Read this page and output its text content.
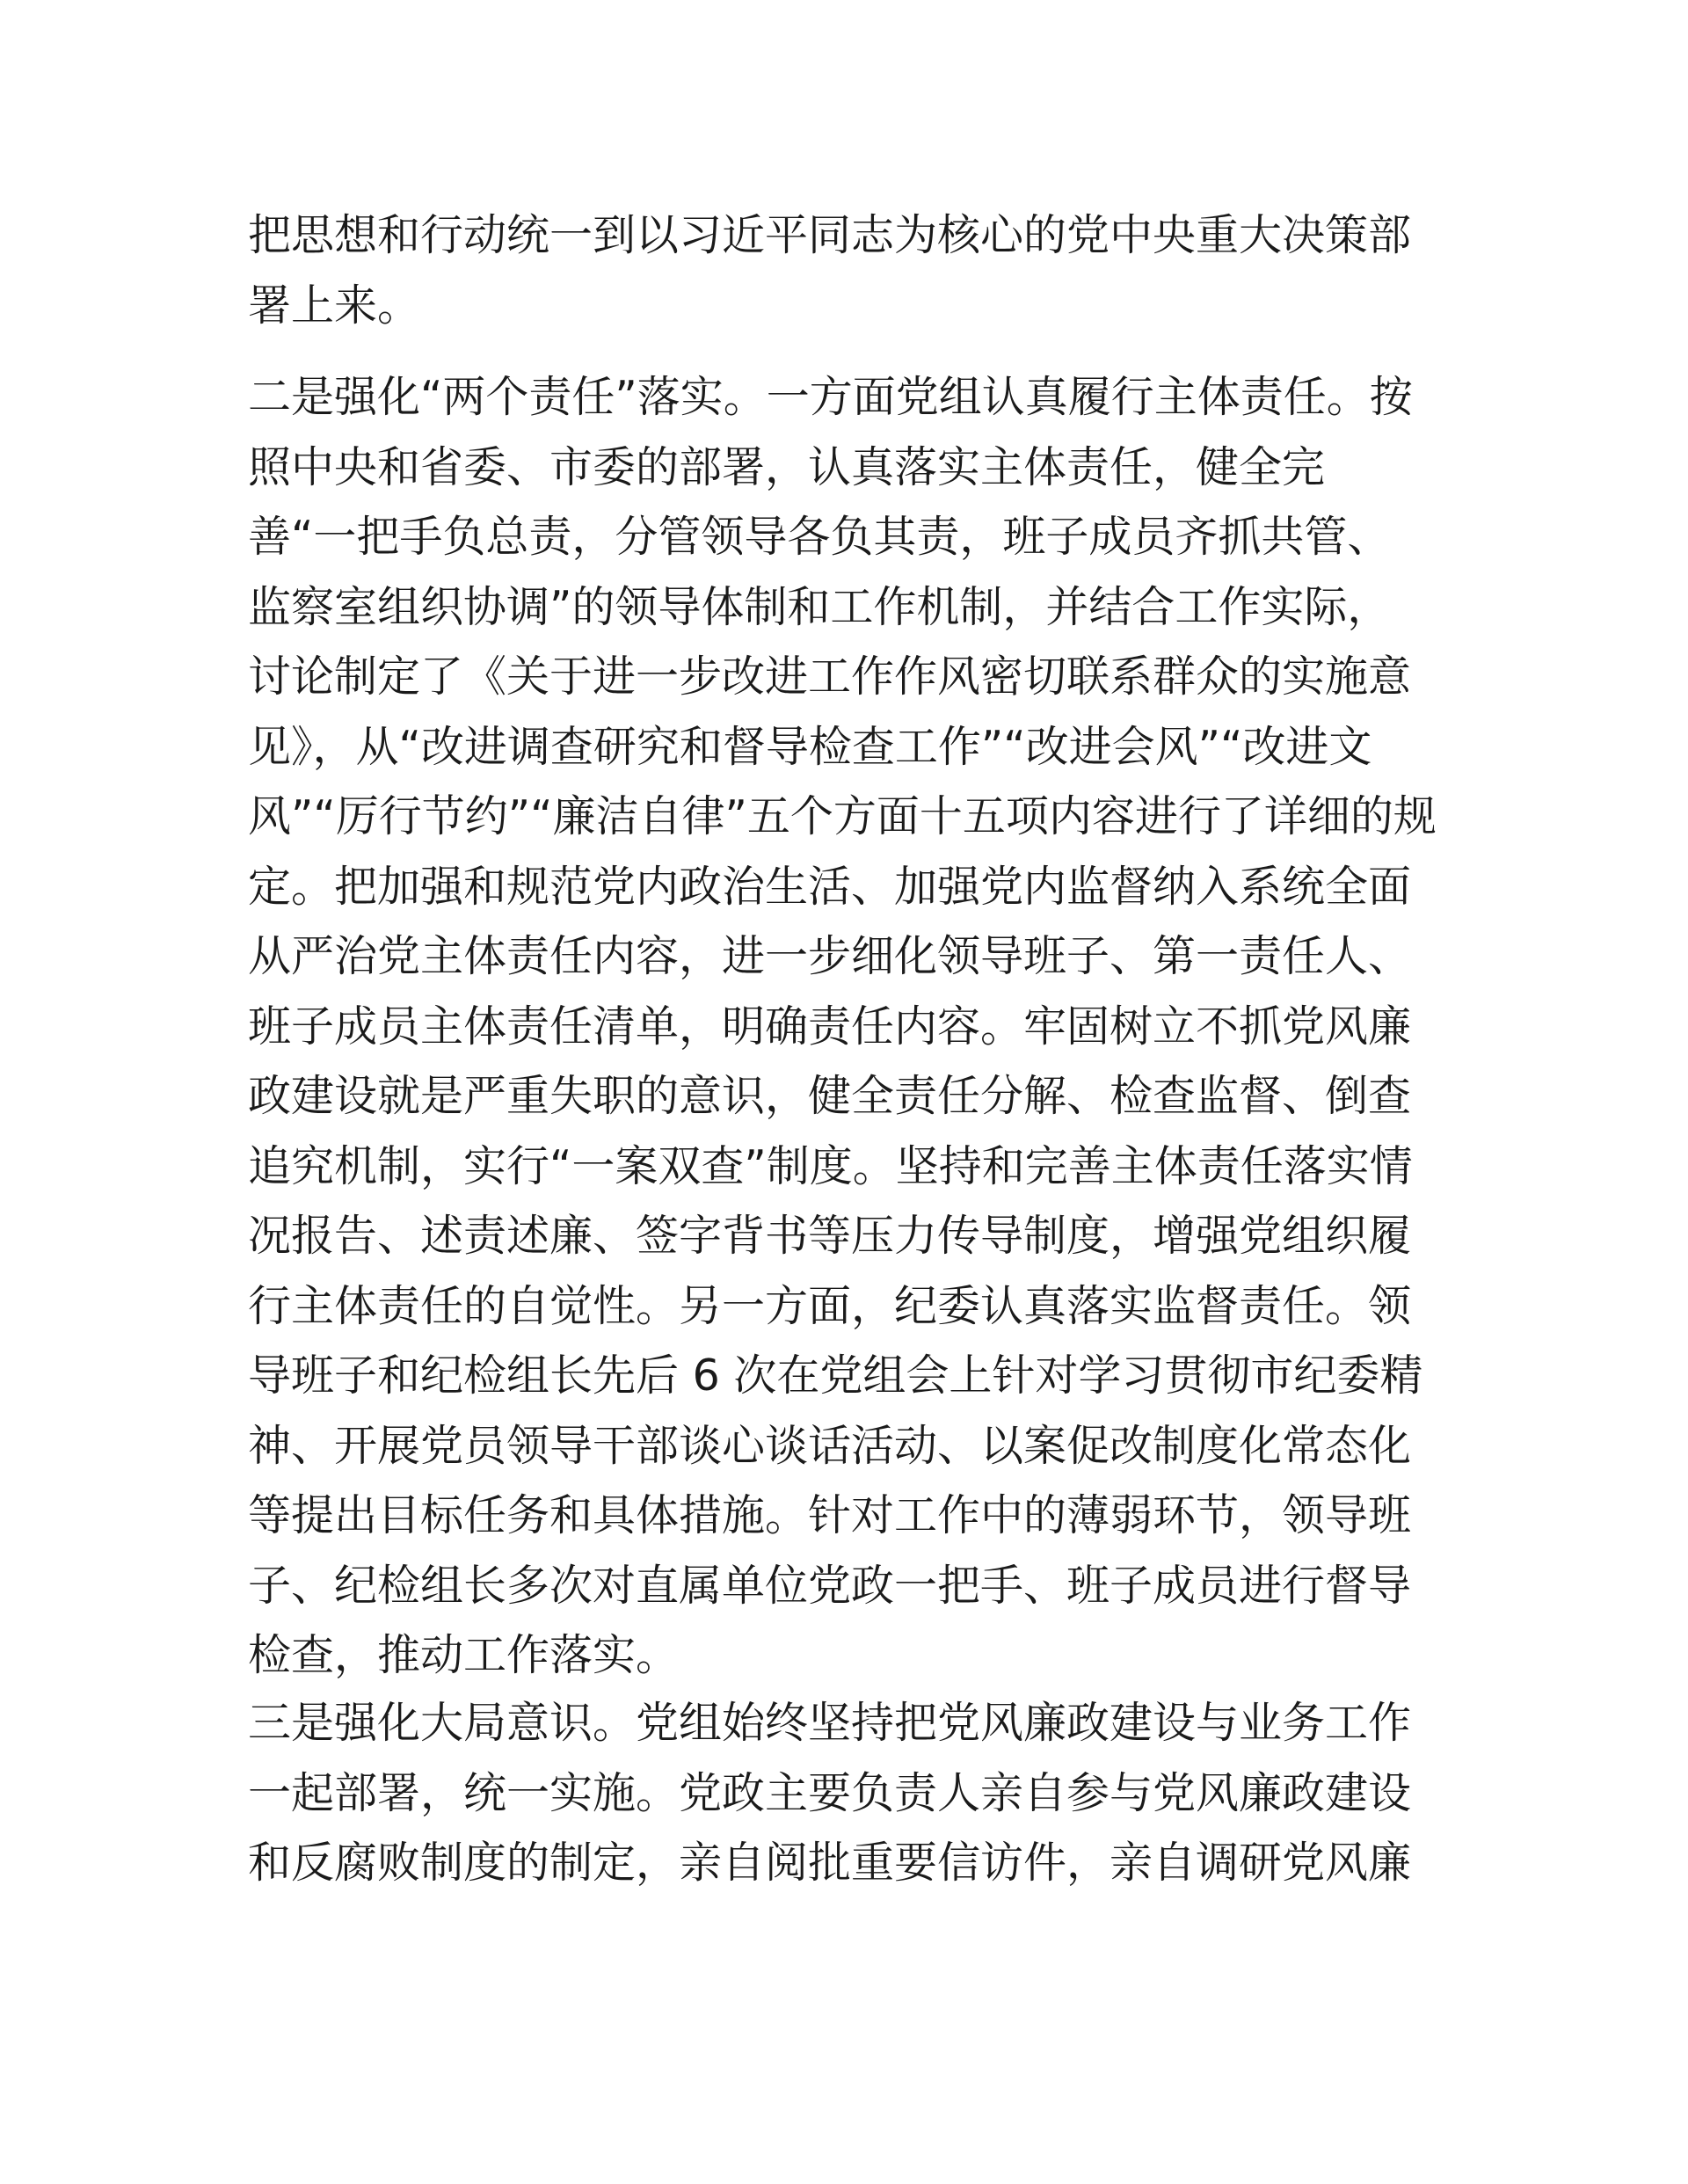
把思想和行动统一到以习近平同志为核心的党中央重大决策部
署上来。
二是强化“两个责任”落实。一方面党组认真履行主体责任。按
照中央和省委、市委的部署，认真落实主体责任，健全完
善“一把手负总责，分管领导各负其责，班子成员齐抓共管、
监察室组织协调”的领导体制和工作机制，并结合工作实际，
讨论制定了《关于进一步改进工作作风密切联系群众的实施意
见》，从“改进调查研究和督导检查工作”“改进会风”“改进文
风”“厉行节约”“廉洁自律”五个方面十五项内容进行了详细的规
定。把加强和规范党内政治生活、加强党内监督纳入系统全面
从严治党主体责任内容，进一步细化领导班子、第一责任人、
班子成员主体责任清单，明确责任内容。牢固树立不抓党风廉
政建设就是严重失职的意识，健全责任分解、检查监督、倒查
追究机制，实行“一案双查”制度。坚持和完善主体责任落实情
况报告、述责述廉、签字背书等压力传导制度，增强党组织履
行主体责任的自觉性。另一方面，纪委认真落实监督责任。领
导班子和纪检组长先后 6 次在党组会上针对学习贯彻市纪委精
神、开展党员领导干部谈心谈话活动、以案促改制度化常态化
等提出目标任务和具体措施。针对工作中的薄弱环节，领导班
子、纪检组长多次对直属单位党政一把手、班子成员进行督导
检查，推动工作落实。
三是强化大局意识。党组始终坚持把党风廉政建设与业务工作
一起部署，统一实施。党政主要负责人亲自参与党风廉政建设
和反腐败制度的制定，亲自阅批重要信访件，亲自调研党风廉
